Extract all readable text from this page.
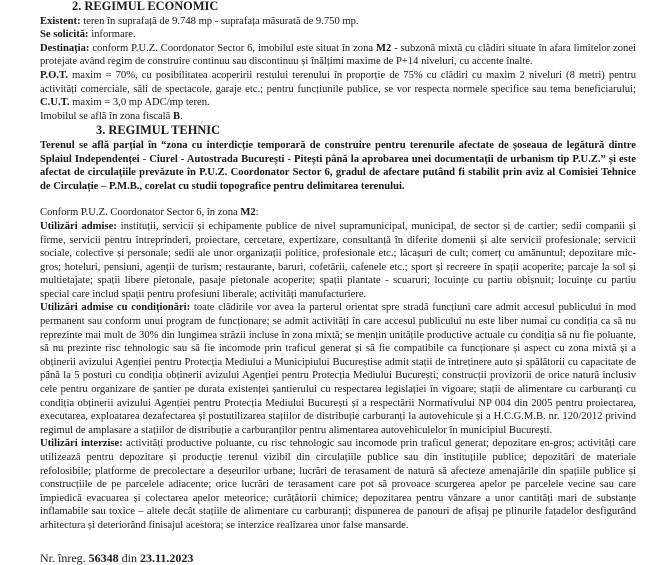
2. REGIMUL ECONOMIC

Existent: teren în suprafață de 9.748 mp - suprafața măsurată de 9.750 mp.

Se solicită: informare.

Destinația: conform P.U.Z. Coordonator Sector 6, imobilul este situat în zona M2 - subzonă mixtă cu clădiri situate în afara limitelor zonei protejate având regim de construire continuu sau discontinuu și înălțimi maxime de P+14 niveluri, cu accente înalte.

P.O.T. maxim = 70%, cu posibilitatea acoperirii restului terenului în proporție de 75% cu clădiri cu maxim 2 niveluri (8 metri) pentru activități comerciale, săli de spectacole, garaje etc.; pentru funcțiunile publice, se vor respecta normele specifice sau tema beneficiarului; C.U.T. maxim = 3,0 mp ADC/mp teren.

Imobilul se află în zona fiscală B.

3. REGIMUL TEHNIC

Terenul se află parțial în “zona cu interdicție temporară de construire pentru terenurile afectate de șoseaua de legătură dintre Splaiul Independenței - Ciurel - Autostrada București - Pitești până la aprobarea unei documentații de urbanism tip P.U.Z.” și este afectat de circulațiile prevăzute în P.U.Z. Coordonator Sector 6, gradul de afectare putând fi stabilit prin aviz al Comisiei Tehnice de Circulație – P.M.B., corelat cu studii topografice pentru delimitarea terenului.

Conform P.U.Z. Coordonator Sector 6, în zona M2:

Utilizări admise: instituții, servicii și echipamente publice de nivel supramunicipal, municipal, de sector și de cartier; sedii companii și firme, servicii pentru întreprinderi, proiectare, cercetare, expertizare, consultanță în diferite domenii și alte servicii profesionale; servicii sociale, colective și personale; sedii ale unor organizații politice, profesionale etc.; lăcașuri de cult; comerț cu amănuntul; depozitare mic-gros; hoteluri, pensiuni, agenții de turism; restaurante, baruri, cofetării, cafenele etc.; sport și recreere în spații acoperite; parcaje la sol și multietajate; spații libere pietonale, pasaje pietonale acoperite; spații plantate - scuaruri; locuințe cu partiu obișnuit; locuințe cu partiu special care includ spații pentru profesiuni liberale; activități manufacturiere.

Utilizări admise cu condiționări: toate clădirile vor avea la parterul orientat spre stradă funcțiuni care admit accesul publicului în mod permanent sau conform unui program de funcționare; se admit activități în care accesul publicului nu este liber numai cu condiția ca să nu reprezinte mai mult de 30% din lungimea străzii incluse în zona mixtă; se mențin unitățile productive actuale cu condiția să nu fie poluante, să nu prezinte risc tehnologic sau să fie incomode prin traficul generat și să fie compatibile ca funcționare și aspect cu zona mixtă și a obținerii avizului Agenției pentru Protecția Mediului a Municipiului Bucureștise admit stații de întreținere auto și spălătorii cu capacitate de până la 5 posturi cu condiția obținerii avizului Agenției pentru Protecția Mediului București; construcții provizorii de orice natură inclusiv cele pentru organizare de șantier pe durata existenței șantierului cu respectarea legislației în vigoare; stații de alimentare cu carburanți cu condiția obținerii avizului Agenției pentru Protecția Mediului București și a respectării Normativului NP 004 din 2005 pentru proiectarea, executarea, exploatarea dezafectarea și postutilizarea stațiilor de distribuție carburanți la autovehicule și a H.C.G.M.B. nr. 120/2012 privind regimul de amplasare a stațiilor de distribuție a carburanților pentru alimentarea autovehiculelor în municipiul București.

Utilizări interzise: activități productive poluante, cu risc tehnologic sau incomode prin traficul generat; depozitare en-gros; activități care utilizează pentru depozitare și producție terenul vizibil din circulațiile publice sau din instituțiile publice; depozitări de materiale refolosibile; platforme de precolectare a deșeurilor urbane; lucrări de terasament de natură să afecteze amenajările din spațiile publice și construcțiile de pe parcelele adiacente; orice lucrări de terasament care pot să provoace scurgerea apelor pe parcelele vecine sau care împiedică evacuarea și colectarea apelor meteorice; curățătorii chimice; depozitarea pentru vânzare a unor cantități mari de substanțe inflamabile sau toxice – altele decât stațiile de alimentare cu carburanți; dispunerea de panouri de afișaj pe plinurile fațadelor desfigurând arhitectura și deteriorând finisajul acestora; se interzice realizarea unor false mansarde.

Nr. înreg. 56348 din 23.11.2023
